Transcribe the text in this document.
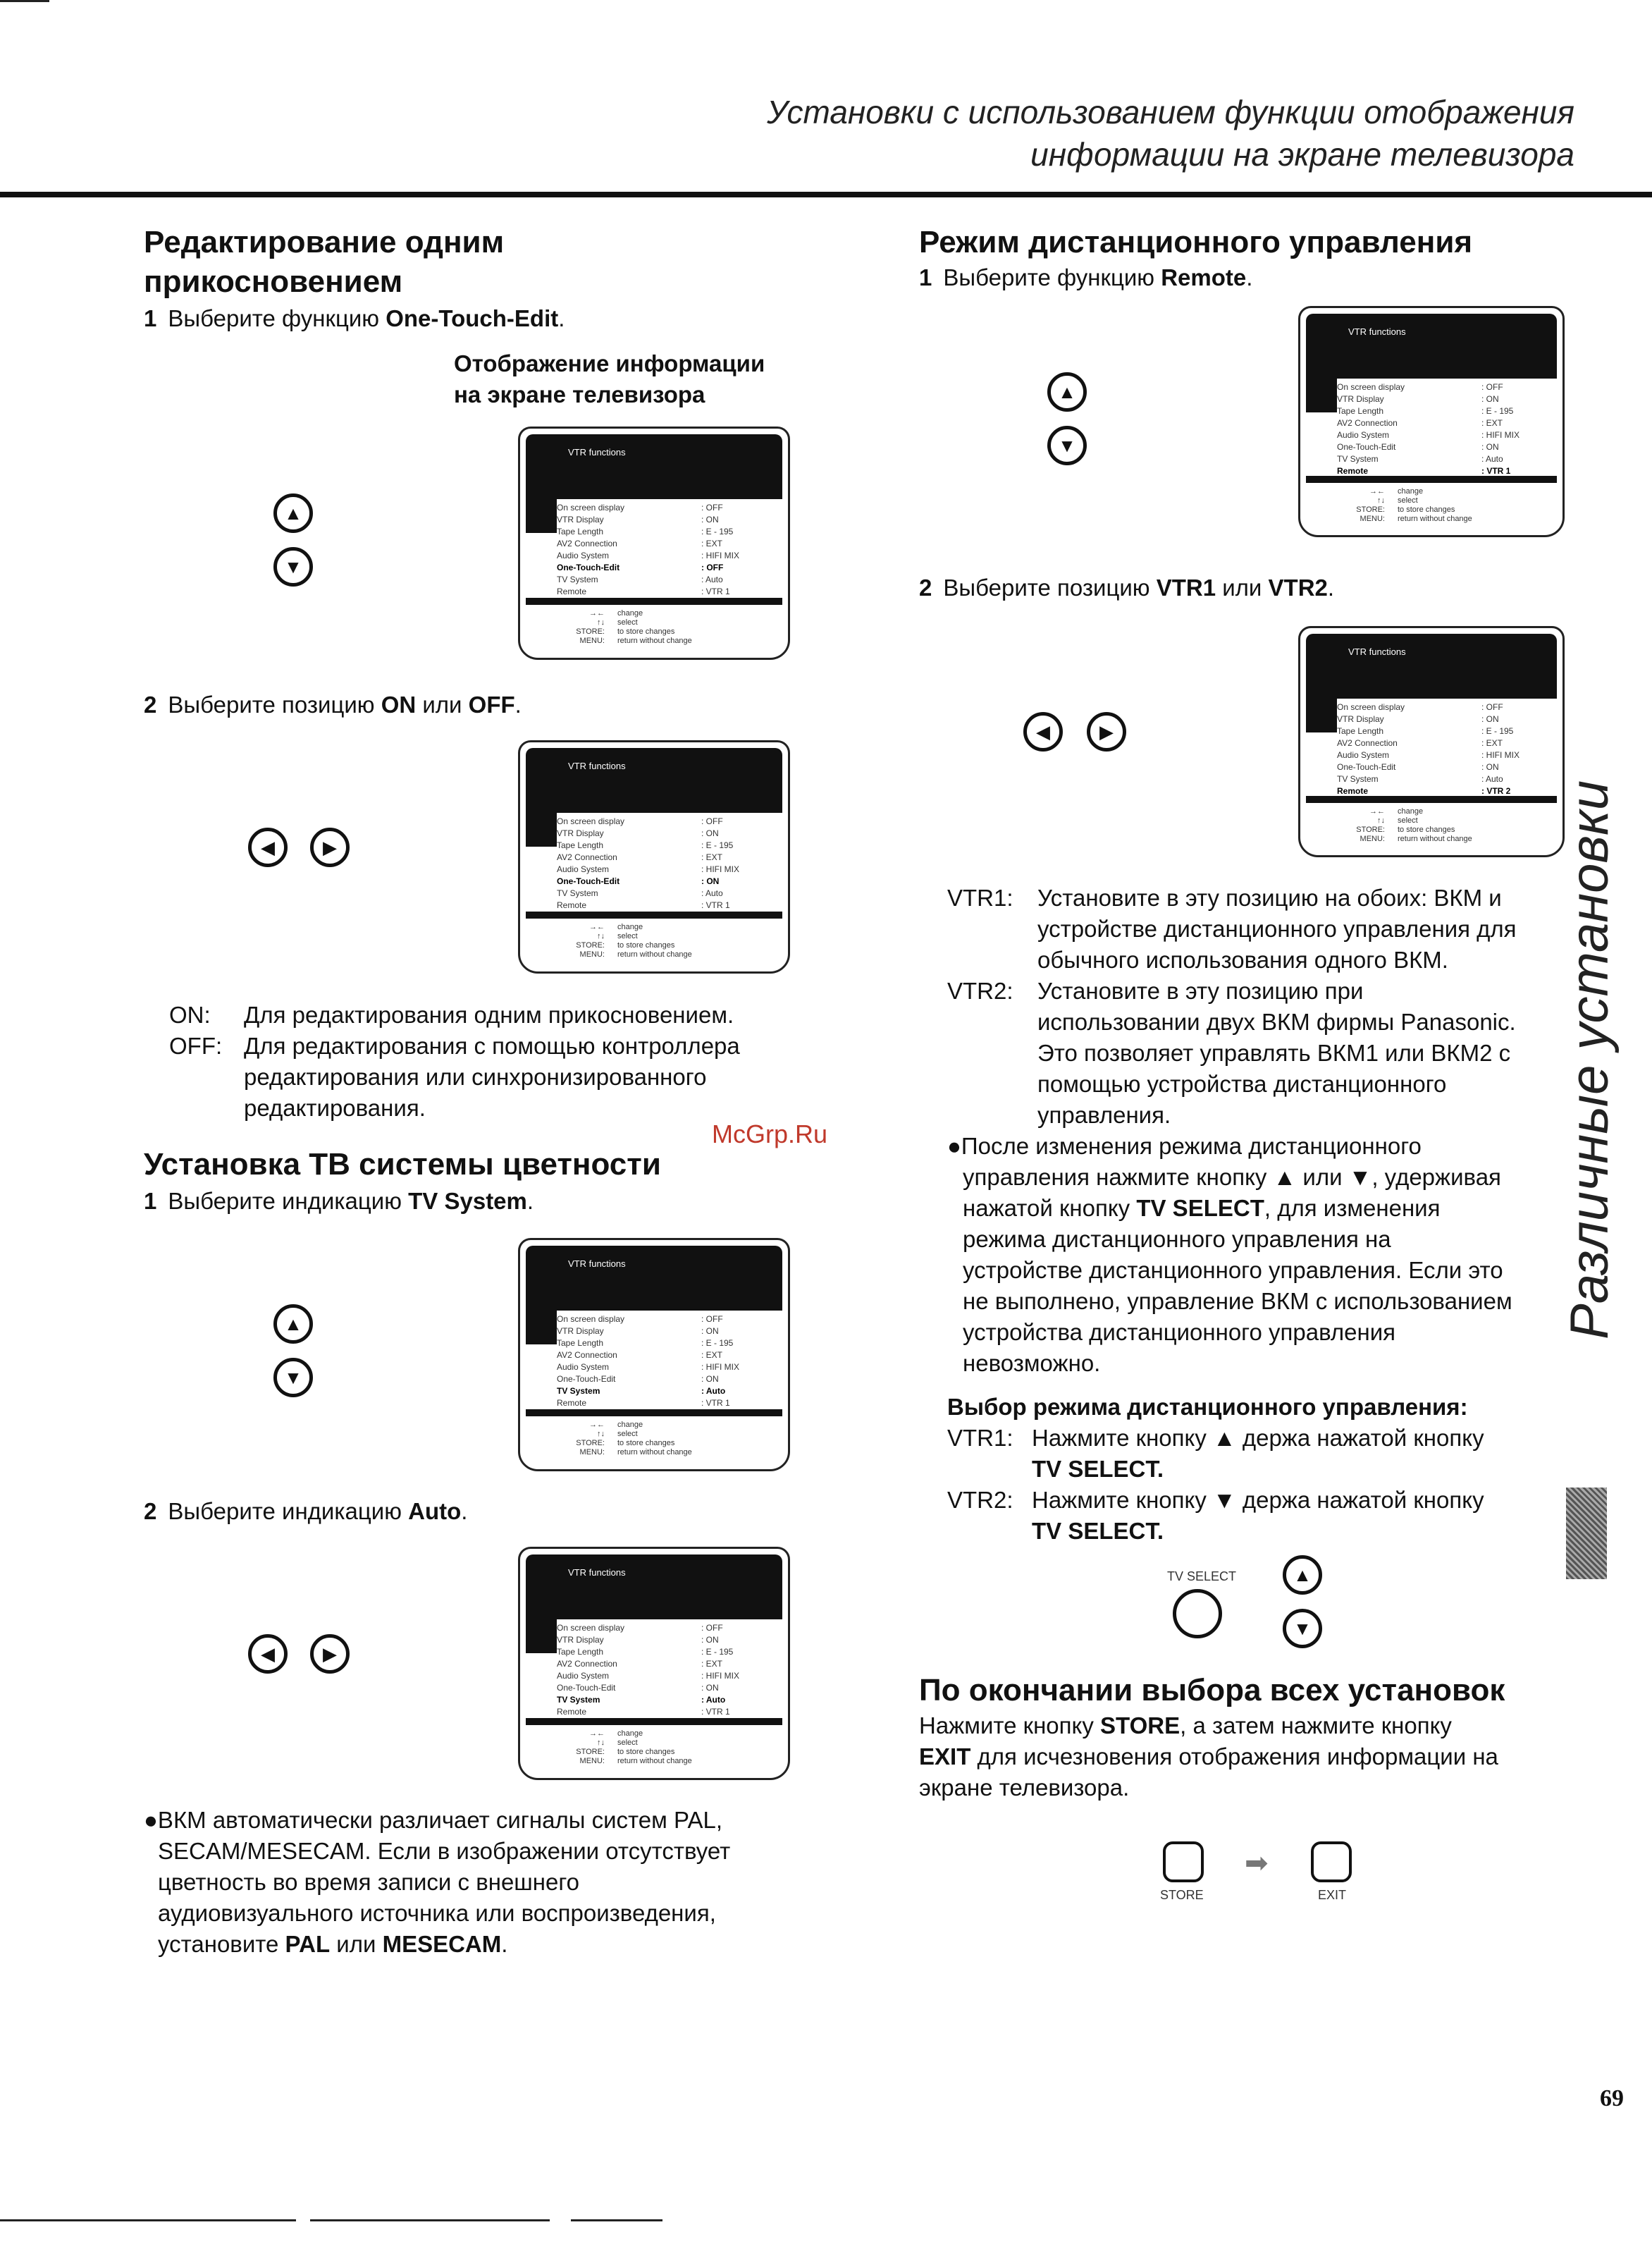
Установки с использованием функции отображения
информации на экране телевизора
Редактирование одним
прикосновением
1 Выберите функцию One-Touch-Edit.
Отображение информации
на экране телевизора
VTR functions
On screen display	: OFF
VTR Display	: ON
Tape Length	: E - 195
AV2 Connection	: EXT
Audio System	: HIFI MIX
One-Touch-Edit	: OFF
TV System	: Auto
Remote	: VTR 1
→← change
↑↓ select
STORE: to store changes
MENU: return without change
▲
▼
2 Выберите позицию ON или OFF.
VTR functions
On screen display	: OFF
VTR Display	: ON
Tape Length	: E - 195
AV2 Connection	: EXT
Audio System	: HIFI MIX
One-Touch-Edit	: ON
TV System	: Auto
Remote	: VTR 1
→← change
↑↓ select
STORE: to store changes
MENU: return without change
◀	▶
ON: Для редактирования одним прикосновением.
OFF: Для редактирования с помощью контроллера
редактирования или синхронизированного
редактирования.
McGrp.Ru
Установка ТВ системы цветности
1 Выберите индикацию TV System.
VTR functions
On screen display	: OFF
VTR Display	: ON
Tape Length	: E - 195
AV2 Connection	: EXT
Audio System	: HIFI MIX
One-Touch-Edit	: ON
TV System	: Auto
Remote	: VTR 1
→← change
↑↓ select
STORE: to store changes
MENU: return without change
▲
▼
2 Выберите индикацию Auto.
VTR functions
On screen display	: OFF
VTR Display	: ON
Tape Length	: E - 195
AV2 Connection	: EXT
Audio System	: HIFI MIX
One-Touch-Edit	: ON
TV System	: Auto
Remote	: VTR 1
→← change
↑↓ select
STORE: to store changes
MENU: return without change
◀	▶
●ВКМ автоматически различает сигналы систем PAL,
SECAM/MESECAM. Если в изображении отсутствует
цветность во время записи с внешнего
аудиовизуального источника или воспроизведения,
установите PAL или MESECAM.
Режим дистанционного управления
1 Выберите функцию Remote.
VTR functions
On screen display	: OFF
VTR Display	: ON
Tape Length	: E - 195
AV2 Connection	: EXT
Audio System	: HIFI MIX
One-Touch-Edit	: ON
TV System	: Auto
Remote	: VTR 1
→← change
↑↓ select
STORE: to store changes
MENU: return without change
▲
▼
2 Выберите позицию VTR1 или VTR2.
VTR functions
On screen display	: OFF
VTR Display	: ON
Tape Length	: E - 195
AV2 Connection	: EXT
Audio System	: HIFI MIX
One-Touch-Edit	: ON
TV System	: Auto
Remote	: VTR 2
→← change
↑↓ select
STORE: to store changes
MENU: return without change
◀	▶
VTR1: Установите в эту позицию на обоих: ВКМ и
устройстве дистанционного управления для
обычного использования одного ВКМ.
VTR2: Установите в эту позицию при
использовании двух ВКМ фирмы Panasonic.
Это позволяет управлять ВКМ1 или ВКМ2 с
помощью устройства дистанционного
управления.
●После изменения режима дистанционного
управления нажмите кнопку ▲ или ▼, удерживая
нажатой кнопку TV SELECT, для изменения
режима дистанционного управления на
устройстве дистанционного управления. Если это
не выполнено, управление ВКМ с использованием
устройства дистанционного управления
невозможно.
Выбор режима дистанционного управления:
VTR1: Нажмите кнопку ▲ держа нажатой кнопку
TV SELECT.
VTR2: Нажмите кнопку ▼ держа нажатой кнопку
TV SELECT.
TV SELECT	▲
▼
По окончании выбора всех установок
Нажмите кнопку STORE, а затем нажмите кнопку
EXIT для исчезновения отображения информации на
экране телевизора.
STORE
➡
EXIT
Различные установки
69
